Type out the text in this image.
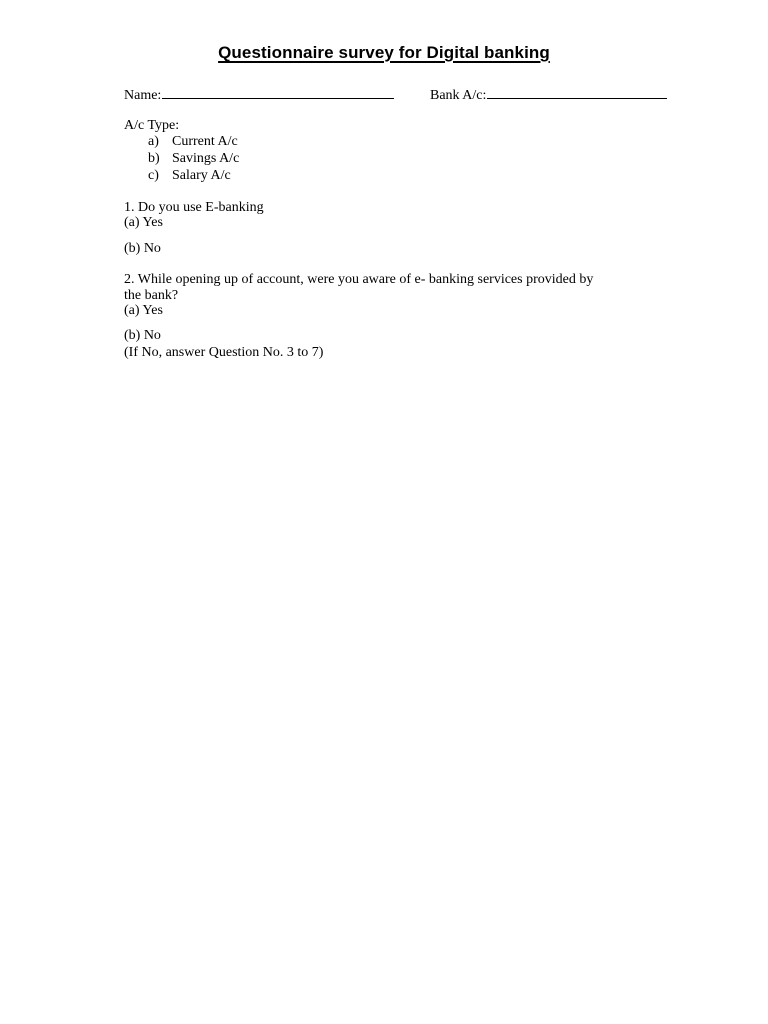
Questionnaire survey for Digital banking
Name:	Bank A/c:
A/c Type:
a) Current A/c
b) Savings A/c
c) Salary A/c
1. Do you use E-banking
(a) Yes
(b) No
2. While opening up of account, were you aware of e- banking services provided by
the bank?
(a) Yes
(b) No
(If No, answer Question No. 3 to 7)
